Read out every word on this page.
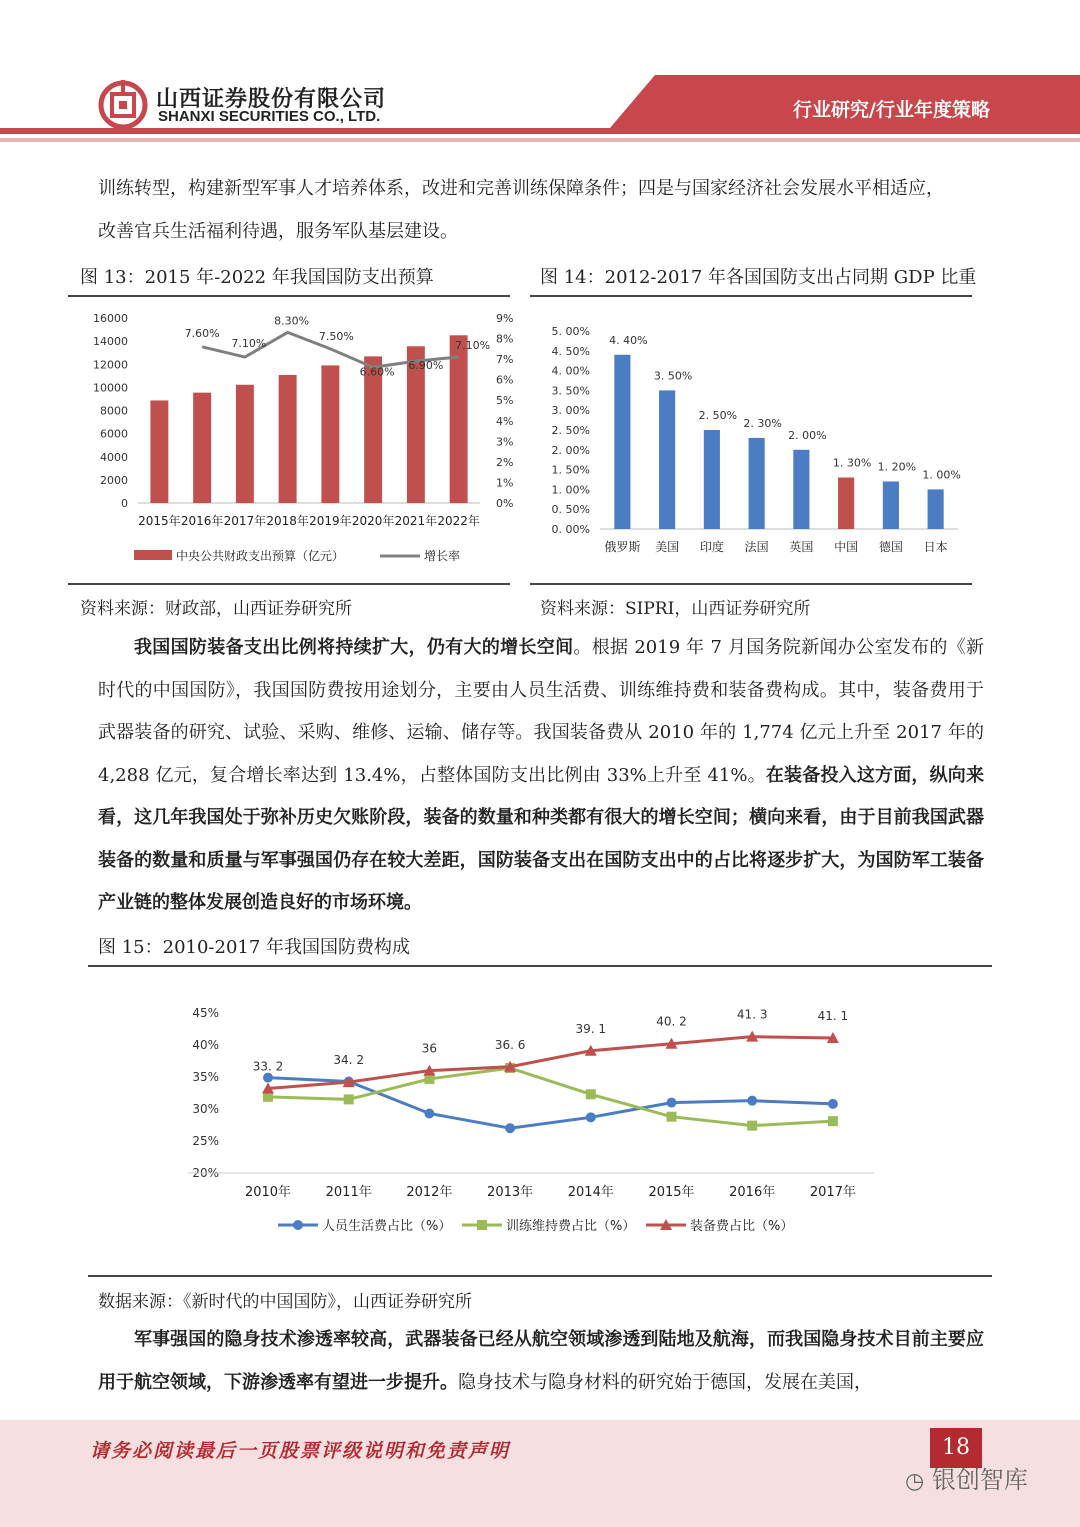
山西证券股份有限公司
SHANXI SECURITIES CO., LTD.	行业研究/行业年度策略
训练转型，构建新型军事人才培养体系，改进和完善训练保障条件；四是与国家经济社会发展水平相适应，
改善官兵生活福利待遇，服务军队基层建设。
图 13：2015 年-2022 年我国国防支出预算
16000
14000
12000
10000
8000
6000
4000
2000
0
9%
8%
7%
6%
5%
4%
3%
2%
1%
0%
2015年 2016年 2017年 2018年 2019年 2020年 2021年 2022年
7.60%
7.10%
8.30%
7.50%
6.60% 6.90%
7.10%
中央公共财政支出预算（亿元）	增长率
资料来源：财政部，山西证券研究所
图 14：2012-2017 年各国国防支出占同期 GDP 比重
5. 00%
4. 50%
4. 00%
3. 50%
3. 00%
2. 50%
2. 00%
1. 50%
1. 00%
0. 50%
0. 00%
4. 40%
俄罗斯
3. 50%
美国
2. 50%
印度
2. 30%
法国
2. 00%
英国
1. 30%
中国
1. 20%
德国
1. 00%
日本
资料来源：SIPRI，山西证券研究所
我国国防装备支出比例将持续扩大，仍有大的增长空间。根据 2019 年 7 月国务院新闻办公室发布的《新时代的中国国防》，我国国防费按用途划分，主要由人员生活费、训练维持费和装备费构成。其中，装备费用于武器装备的研究、试验、采购、维修、运输、储存等。我国装备费从 2010 年的 1,774 亿元上升至 2017 年的 4,288 亿元，复合增长率达到 13.4%，占整体国防支出比例由 33%上升至 41%。在装备投入这方面，纵向来看，这几年我国处于弥补历史欠账阶段，装备的数量和种类都有很大的增长空间；横向来看，由于目前我国武器装备的数量和质量与军事强国仍存在较大差距，国防装备支出在国防支出中的占比将逐步扩大，为国防军工装备产业链的整体发展创造良好的市场环境。
图 15：2010-2017 年我国国防费构成
45%
40%
35%
30%
25%
20%
2010年	2011年	2012年	2013年	2014年	2015年	2016年	2017年
33. 2	34. 2
36	36. 6
39. 1
40. 2
41. 3	41. 1
人员生活费占比（%）	训练维持费占比（%）	装备费占比（%）
数据来源：《新时代的中国国防》，山西证券研究所
军事强国的隐身技术渗透率较高，武器装备已经从航空领域渗透到陆地及航海，而我国隐身技术目前主要应用于航空领域，下游渗透率有望进一步提升。隐身技术与隐身材料的研究始于德国，发展在美国，
请务必阅读最后一页股票评级说明和免责声明	18
◷ 银创智库
